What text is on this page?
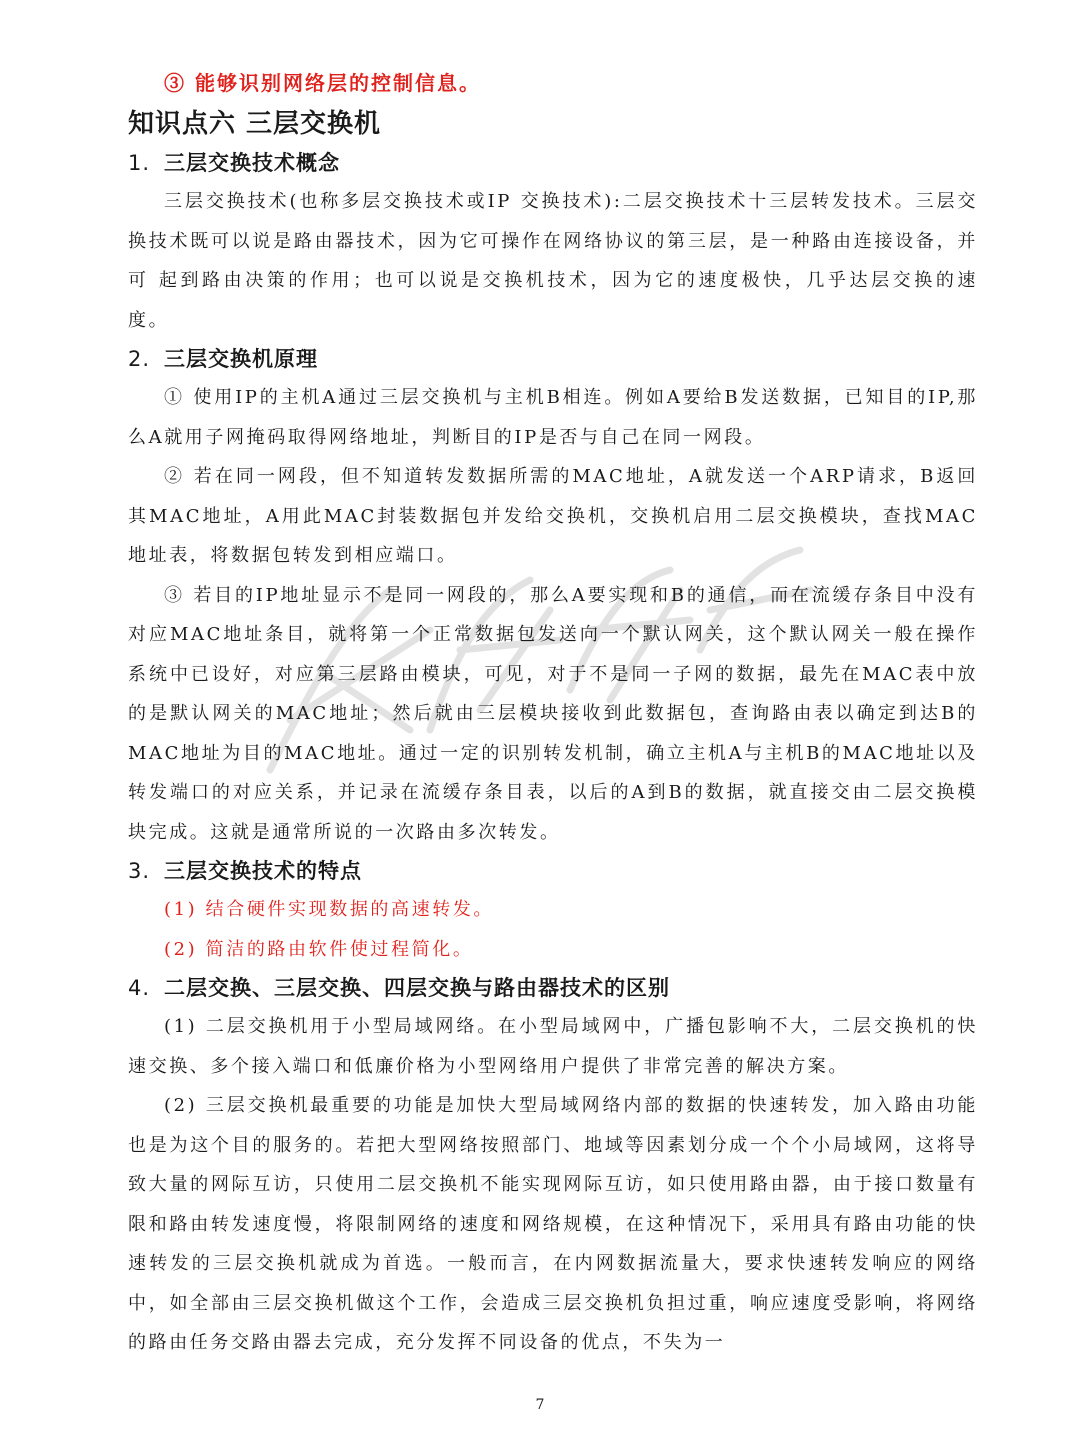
③ 能够识别网络层的控制信息。

知识点六 三层交换机
1. 三层交换技术概念

三层交换技术(也称多层交换技术或IP 交换技术):二层交换技术十三层转发技术。三层交 换技术既可以说是路由器技术，因为它可操作在网络协议的第三层，是一种路由连接设备，并可 起到路由决策的作用；也可以说是交换机技术，因为它的速度极快，几乎达层交换的速度。

2. 三层交换机原理

① 使用IP的主机A通过三层交换机与主机B相连。例如A要给B发送数据，已知目的IP,那么A就用子网掩码取得网络地址，判断目的IP是否与自己在同一网段。

② 若在同一网段，但不知道转发数据所需的MAC地址，A就发送一个ARP请求，B返回其MAC地址，A用此MAC封装数据包并发给交换机，交换机启用二层交换模块，查找MAC地址表，将数据包转发到相应端口。

③ 若目的IP地址显示不是同一网段的，那么A要实现和B的通信，而在流缓存条目中没有对应MAC地址条目，就将第一个正常数据包发送向一个默认网关，这个默认网关一般在操作系统中已设好，对应第三层路由模块，可见，对于不是同一子网的数据，最先在MAC表中放的是默认网关的MAC地址；然后就由三层模块接收到此数据包，查询路由表以确定到达B的MAC地址为目的MAC地址。通过一定的识别转发机制，确立主机A与主机B的MAC地址以及转发端口的对应关系，并记录在流缓存条目表，以后的A到B的数据，就直接交由二层交换模块完成。这就是通常所说的一次路由多次转发。

3. 三层交换技术的特点

(1) 结合硬件实现数据的高速转发。

(2) 简洁的路由软件使过程简化。

4. 二层交换、三层交换、四层交换与路由器技术的区别

(1) 二层交换机用于小型局域网络。在小型局域网中，广播包影响不大，二层交换机的快速交换、多个接入端口和低廉价格为小型网络用户提供了非常完善的解决方案。

(2) 三层交换机最重要的功能是加快大型局域网络内部的数据的快速转发，加入路由功能也是为这个目的服务的。若把大型网络按照部门、地域等因素划分成一个个小局域网，这将导致大量的网际互访，只使用二层交换机不能实现网际互访，如只使用路由器，由于接口数量有限和路由转发速度慢，将限制网络的速度和网络规模，在这种情况下，采用具有路由功能的快速转发的三层交换机就成为首选。一般而言，在内网数据流量大，要求快速转发响应的网络中，如全部由三层交换机做这个工作，会造成三层交换机负担过重，响应速度受影响，将网络的路由任务交路由器去完成，充分发挥不同设备的优点，不失为一

7
